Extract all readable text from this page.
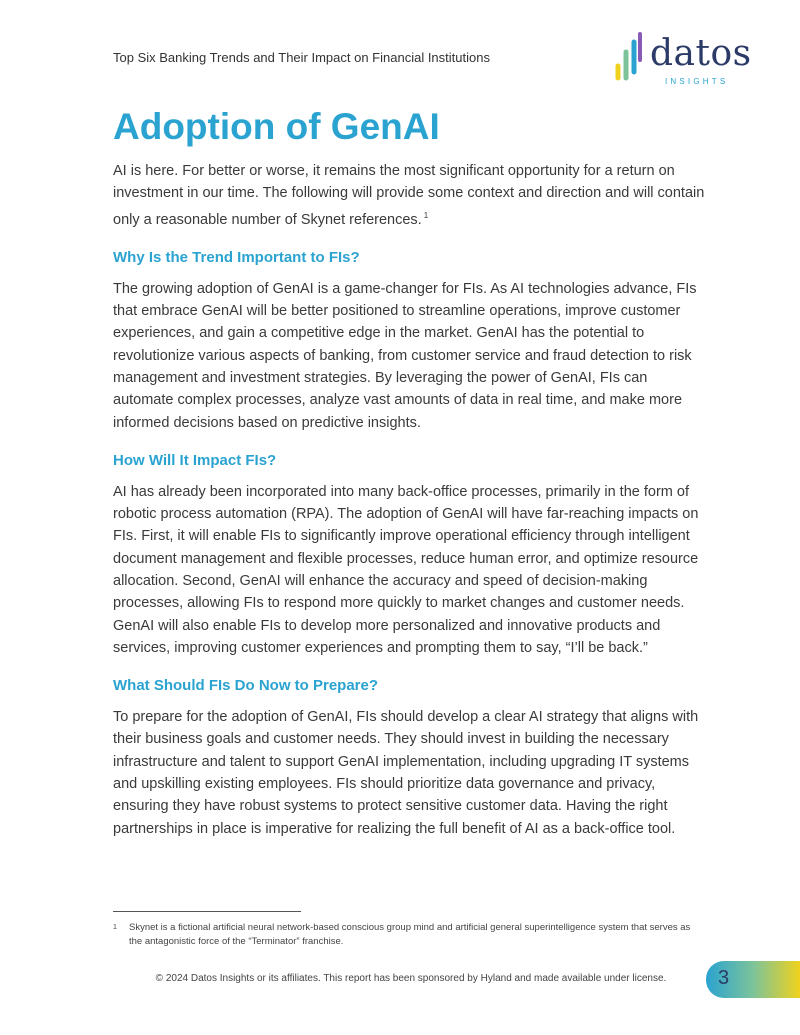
Top Six Banking Trends and Their Impact on Financial Institutions	datos
INSIGHTS
Adoption of GenAI

AI is here. For better or worse, it remains the most significant opportunity for a return on investment in our time. The following will provide some context and direction and will contain only a reasonable number of Skynet references. $^1$

Why Is the Trend Important to FIs?

The growing adoption of GenAI is a game-changer for FIs. As AI technologies advance, FIs that embrace GenAI will be better positioned to streamline operations, improve customer experiences, and gain a competitive edge in the market. GenAI has the potential to revolutionize various aspects of banking, from customer service and fraud detection to risk management and investment strategies. By leveraging the power of GenAI, FIs can automate complex processes, analyze vast amounts of data in real time, and make more informed decisions based on predictive insights.

How Will It Impact FIs?

AI has already been incorporated into many back-office processes, primarily in the form of robotic process automation (RPA). The adoption of GenAI will have far-reaching impacts on FIs. First, it will enable FIs to significantly improve operational efficiency through intelligent document management and flexible processes, reduce human error, and optimize resource allocation. Second, GenAI will enhance the accuracy and speed of decision-making processes, allowing FIs to respond more quickly to market changes and customer needs. GenAI will also enable FIs to develop more personalized and innovative products and services, improving customer experiences and prompting them to say, “I’ll be back.”

What Should FIs Do Now to Prepare?

To prepare for the adoption of GenAI, FIs should develop a clear AI strategy that aligns with their business goals and customer needs. They should invest in building the necessary infrastructure and talent to support GenAI implementation, including upgrading IT systems and upskilling existing employees. FIs should prioritize data governance and privacy, ensuring they have robust systems to protect sensitive customer data. Having the right partnerships in place is imperative for realizing the full benefit of AI as a back-office tool.

1 Skynet is a fictional artificial neural network-based conscious group mind and artificial general superintelligence system that serves as the antagonistic force of the “Terminator” franchise.
© 2024 Datos Insights or its affiliates. This report has been sponsored by Hyland and made available under license.	3
